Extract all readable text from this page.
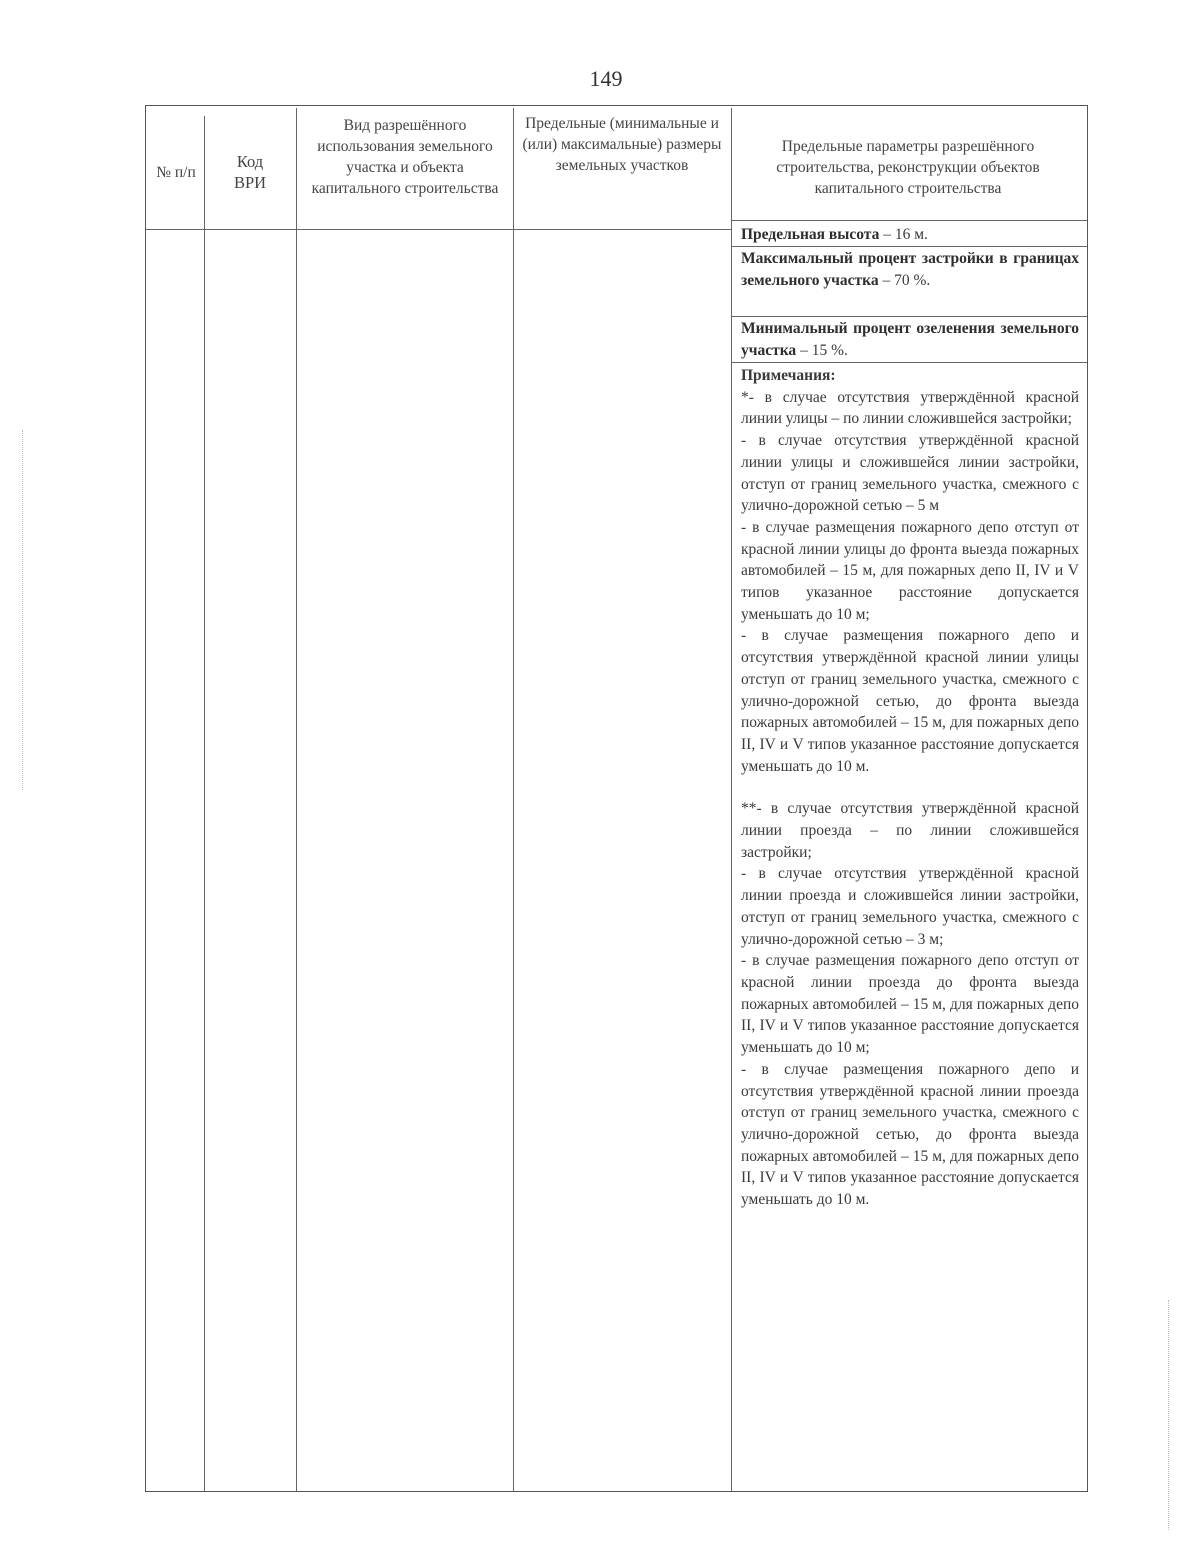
149
№ п/п
Код ВРИ
Вид разрешённого использования земельного участка и объекта капитального строительства
Предельные (минимальные и (или) максимальные) размеры земельных участков
Предельные параметры разрешённого строительства, реконструкции объектов капитального строительства
Предельная высота – 16 м.
Максимальный процент застройки в границах земельного участка – 70 %.
Минимальный процент озеленения земельного участка – 15 %.

Примечания:

*- в случае отсутствия утверждённой красной линии улицы – по линии сложившейся застройки;

- в случае отсутствия утверждённой красной линии улицы и сложившейся линии застройки, отступ от границ земельного участка, смежного с улично-дорожной сетью – 5 м

- в случае размещения пожарного депо отступ от красной линии улицы до фронта выезда пожарных автомобилей – 15 м, для пожарных депо II, IV и V типов указанное расстояние допускается уменьшать до 10 м;

- в случае размещения пожарного депо и отсутствия утверждённой красной линии улицы отступ от границ земельного участка, смежного с улично-дорожной сетью, до фронта выезда пожарных автомобилей – 15 м, для пожарных депо II, IV и V типов указанное расстояние допускается уменьшать до 10 м.

**- в случае отсутствия утверждённой красной линии проезда – по линии сложившейся застройки;

- в случае отсутствия утверждённой красной линии проезда и сложившейся линии застройки, отступ от границ земельного участка, смежного с улично-дорожной сетью – 3 м;

- в случае размещения пожарного депо отступ от красной линии проезда до фронта выезда пожарных автомобилей – 15 м, для пожарных депо II, IV и V типов указанное расстояние допускается уменьшать до 10 м;

- в случае размещения пожарного депо и отсутствия утверждённой красной линии проезда отступ от границ земельного участка, смежного с улично-дорожной сетью, до фронта выезда пожарных автомобилей – 15 м, для пожарных депо II, IV и V типов указанное расстояние допускается уменьшать до 10 м.
